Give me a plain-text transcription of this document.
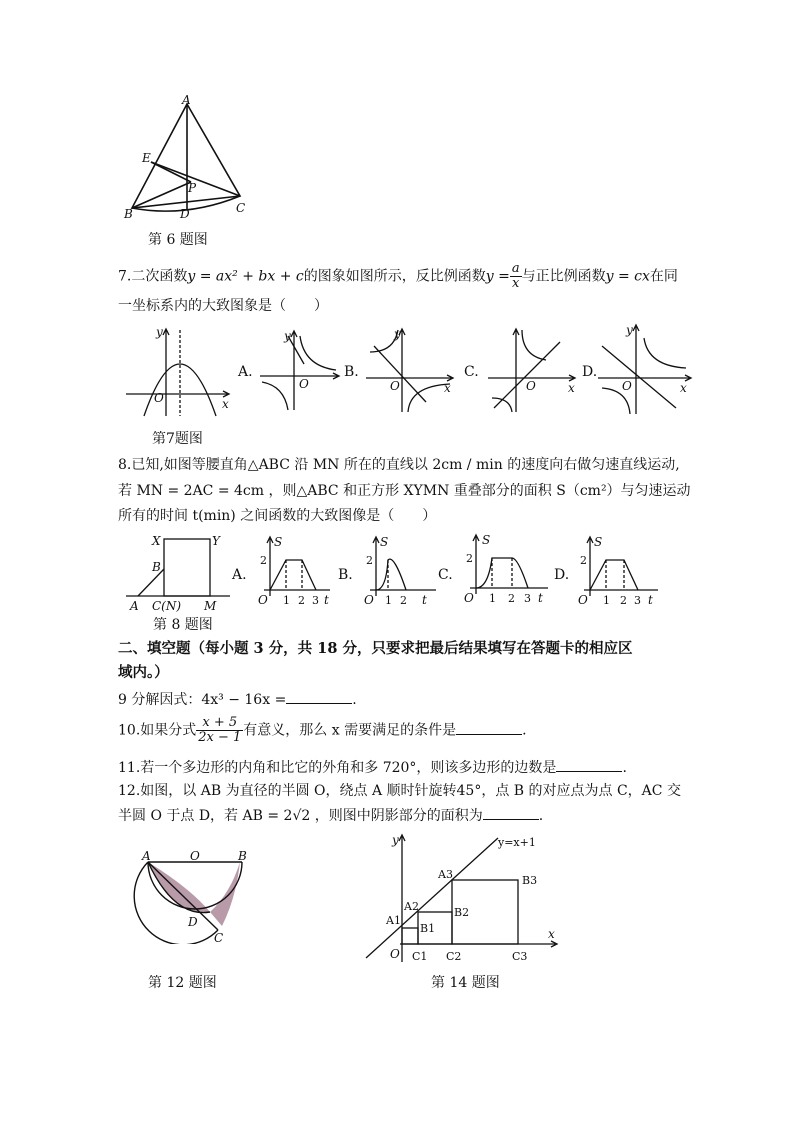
A
E
P
B	D	C
第 6 题图
7.二次函数y = ax² + bx + c的图象如图所示，反比例函数$y = \frac{a}{x}$ 与正比例函数y = cx在同
一坐标系内的大致图象是（　　）
O	x
y
A.
O
y
B.
O	x
y
C.
O	x
D.
O	x
y
第7题图
8.已知,如图等腰直角△ABC 沿 MN 所在的直线以 2cm / min 的速度向右做匀速直线运动,
若 MN = 2AC = 4cm ，则△ABC 和正方形 XYMN 重叠部分的面积 S（cm²）与匀速运动
所有的时间 t(min) 之间函数的大致图像是（　　）
X	Y
B
A C(N) M
A.
S
2
O 1 2 3 t
B.
S
2
O 1 2 t
C.
S
2
O 1 2 3 t
D.
S
2
O 1 2 3 t
第 8 题图
二、填空题（每小题 3 分，共 18 分，只要求把最后结果填写在答题卡的相应区
域内。）
9 分解因式：4x³ − 16x =	.
10.如果分式 $\frac{x + 5}{2x - 1}$ 有意义，那么 x 需要满足的条件是	.
11.若一个多边形的内角和比它的外角和多 720°，则该多边形的边数是	.
12.如图，以 AB 为直径的半圆 O，绕点 A 顺时针旋转45°，点 B 的对应点为点 C，AC 交
半圆 O 于点 D，若 AB = 2√2 ，则图中阴影部分的面积为	.
A	O	B
D
C
第 12 题图
y=x+1
A1
A2
A3
B1
B2
B3
C1 C2	C3
O
x
y
第 14 题图
